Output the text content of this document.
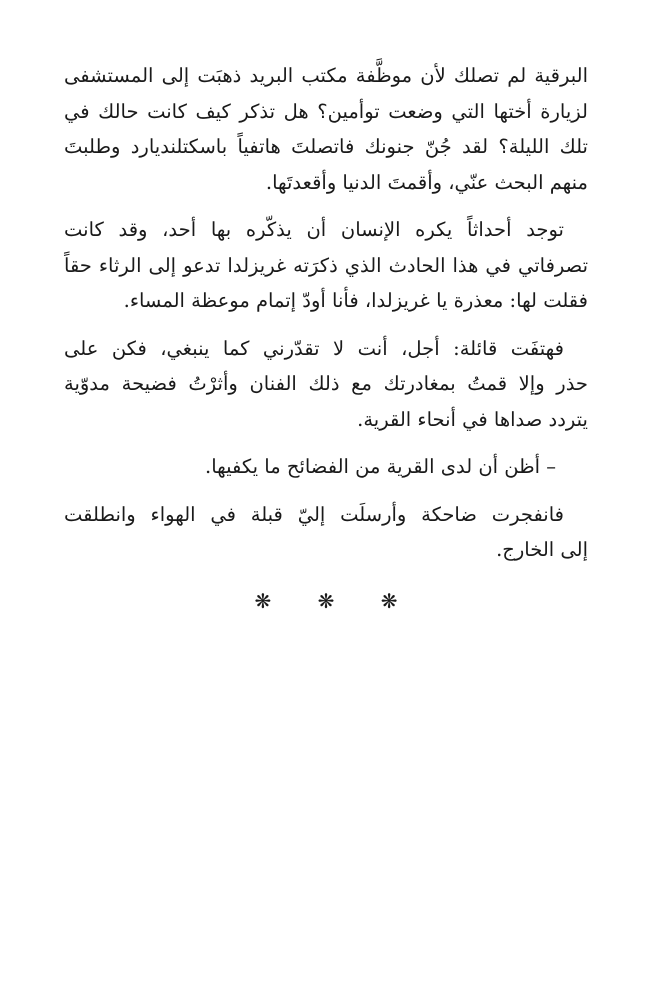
البرقية لم تصلك لأن موظَّفة مكتب البريد ذهبَت إلى المستشفى
لزيارة أختها التي وضعت توأمين؟ هل تذكر كيف كانت حالك في
تلك الليلة؟ لقد جُنّ جنونك فاتصلتَ هاتفياً باسكتلنديارد وطلبتَ
منهم البحث عنّي، وأقمتَ الدنيا وأقعدتَها.

توجد أحداثاً يكره الإنسان أن يذكّره بها أحد، وقد كانت
تصرفاتي في هذا الحادث الذي ذكرَته غريزلدا تدعو إلى الرثاء حقاً
فقلت لها: معذرة يا غريزلدا، فأنا أودّ إتمام موعظة المساء.

فهتفَت قائلة: أجل، أنت لا تقدّرني كما ينبغي، فكن على
حذر وإلا قمتُ بمغادرتك مع ذلك الفنان وأثرْتُ فضيحة مدوّية
يتردد صداها في أنحاء القرية.

– أظن أن لدى القرية من الفضائح ما يكفيها.

فانفجرت ضاحكة وأرسلَت إليّ قبلة في الهواء وانطلقت
إلى الخارج.

❋ ❋ ❋
